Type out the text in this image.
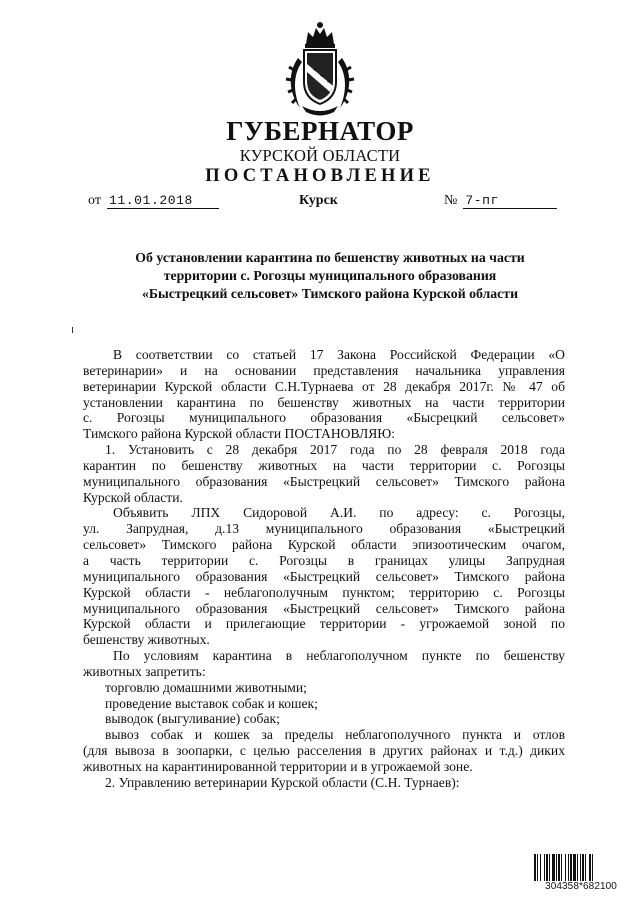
ГУБЕРНАТОР
КУРСКОЙ ОБЛАСТИ
ПОСТАНОВЛЕНИЕ
от 11.01.2018	Курск	№ 7-пг
Об установлении карантина по бешенству животных на части
территории с. Рогозцы муниципального образования
«Быстрецкий сельсовет» Тимского района Курской области

В соответствии со статьей 17 Закона Российской Федерации «О

ветеринарии» и на основании представления начальника управления

ветеринарии Курской области С.Н.Турнаева от 28 декабря 2017г. № 47 об

установлении карантина по бешенству животных на части территории

с. Рогозцы муниципального образования «Бысрецкий сельсовет»

Тимского района Курской области ПОСТАНОВЛЯЮ:

1. Установить с 28 декабря 2017 года по 28 февраля 2018 года

карантин по бешенству животных на части территории с. Рогозцы

муниципального образования «Быстрецкий сельсовет» Тимского района

Курской области.

Объявить ЛПХ Сидоровой А.И. по адресу: с. Рогозцы,

ул. Запрудная, д.13 муниципального образования «Быстрецкий

сельсовет» Тимского района Курской области эпизоотическим очагом,

а часть территории с. Рогозцы в границах улицы Запрудная

муниципального образования «Быстрецкий сельсовет» Тимского района

Курской области - неблагополучным пунктом; территорию с. Рогозцы

муниципального образования «Быстрецкий сельсовет» Тимского района

Курской области и прилегающие территории - угрожаемой зоной по

бешенству животных.

По условиям карантина в неблагополучном пункте по бешенству

животных запретить:

торговлю домашними животными;

проведение выставок собак и кошек;

выводок (выгуливание) собак;

вывоз собак и кошек за пределы неблагополучного пункта и отлов

(для вывоза в зоопарки, с целью расселения в других районах и т.д.) диких

животных на карантинированной территории и в угрожаемой зоне.

2. Управлению ветеринарии Курской области (С.Н. Турнаев):

304358*682100
